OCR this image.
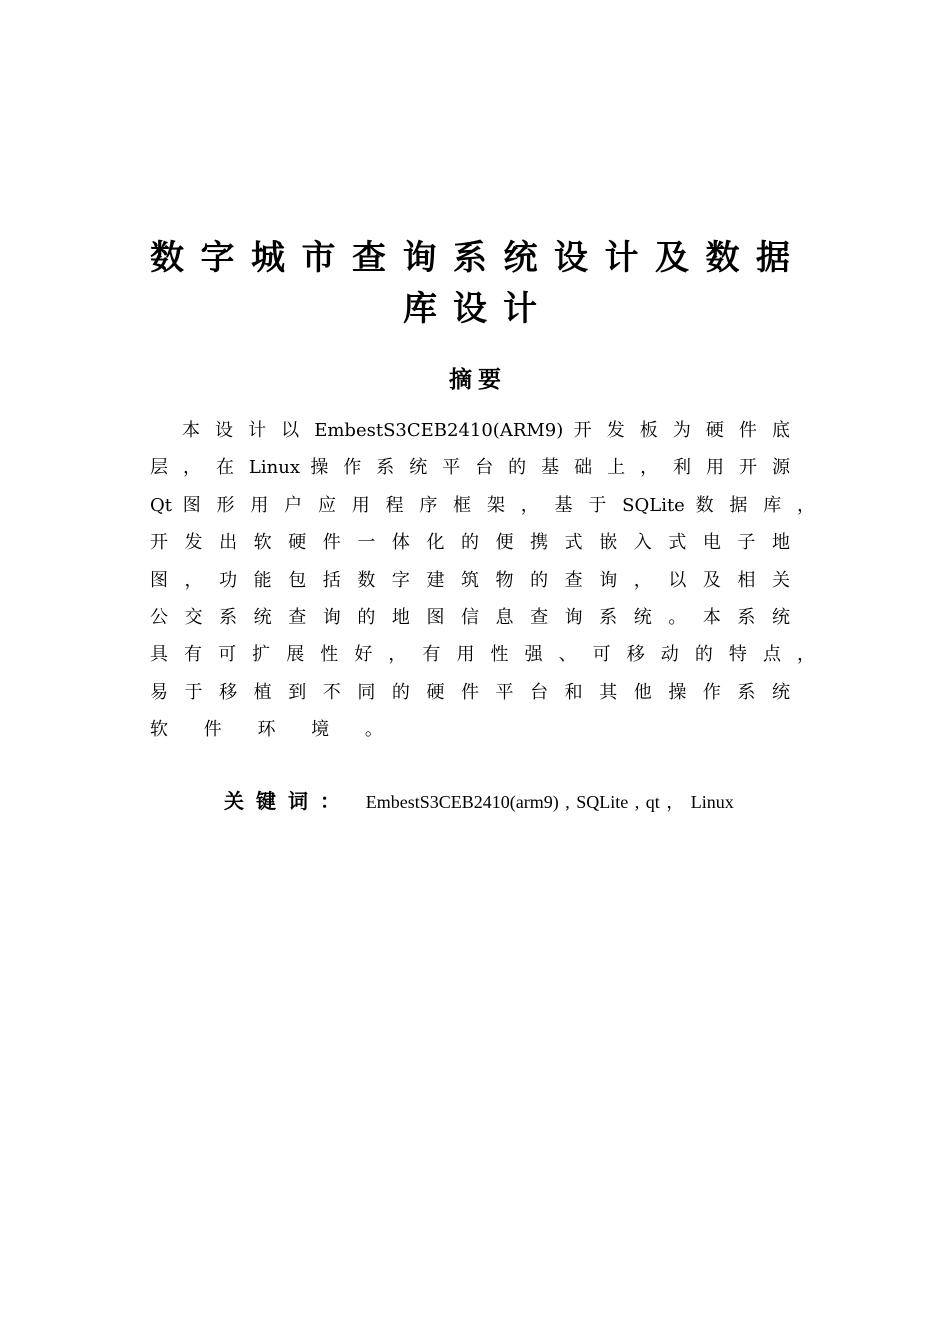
数字城市查询系统设计及数据
库设计
摘要
本 设 计 以 EmbestS3CEB2410(ARM9) 开 发 板 为 硬 件 底
层 ， 在 Linux 操 作 系 统 平 台 的 基 础 上 ， 利 用 开 源
Qt 图 形 用 户 应 用 程 序 框 架 ， 基 于 SQLite 数 据 库 ，
开 发 出 软 硬 件 一 体 化 的 便 携 式 嵌 入 式 电 子 地
图 ， 功 能 包 括 数 字 建 筑 物 的 查 询 ， 以 及 相 关
公 交 系 统 查 询 的 地 图 信 息 查 询 系 统 。 本 系 统
具 有 可 扩 展 性 好 ， 有 用 性 强 、 可 移 动 的 特 点 ，
易 于 移 植 到 不 同 的 硬 件 平 台 和 其 他 操 作 系 统
软 件 环 境 。
关键词： EmbestS3CEB2410(arm9) , SQLite , qt ， Linux
